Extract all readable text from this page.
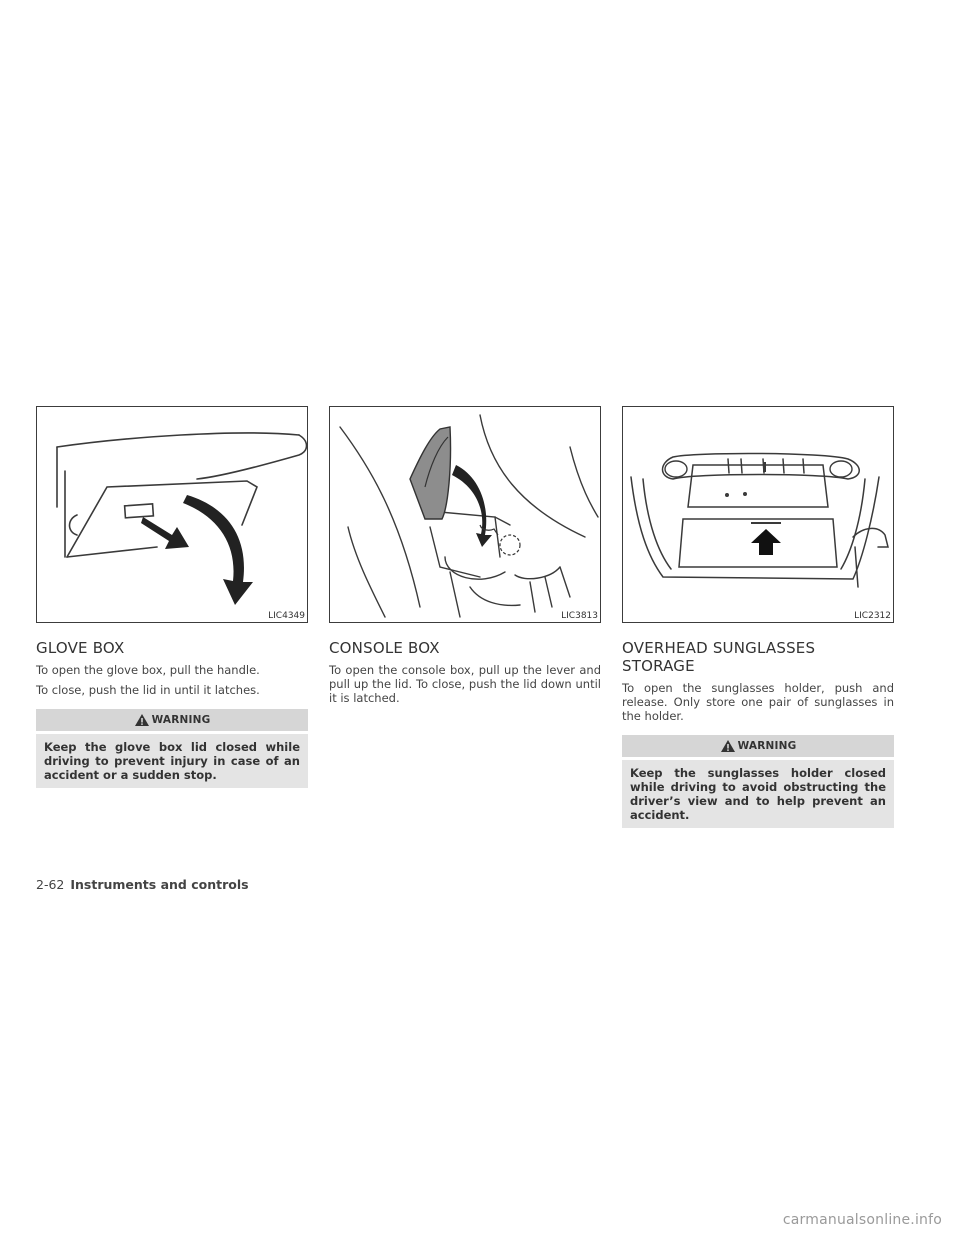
LIC4349
GLOVE BOX

To open the glove box, pull the handle.

To close, push the lid in until it latches.

WARNING
Keep the glove box lid closed while driving to prevent injury in case of an accident or a sudden stop.
LIC3813
CONSOLE BOX

To open the console box, pull up the lever and pull up the lid. To close, push the lid down until it is latched.

LIC2312
OVERHEAD SUNGLASSES
STORAGE

To open the sunglasses holder, push and release. Only store one pair of sunglasses in the holder.

WARNING
Keep the sunglasses holder closed while driving to avoid obstructing the driver’s view and to help prevent an accident.
2-62 Instruments and controls
carmanualsonline.info
